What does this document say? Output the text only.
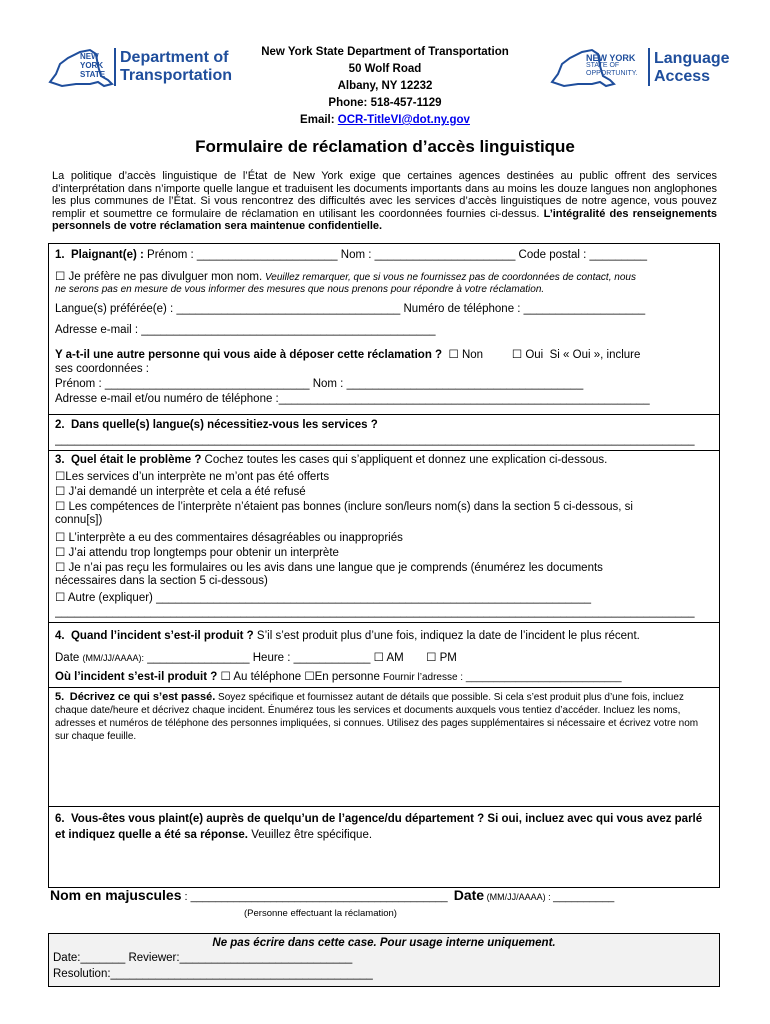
NEW
YORK
STATE
Department of
Transportation
New York State Department of Transportation
50 Wolf Road
Albany, NY 12232
Phone: 518-457-1129
Email: OCR-TitleVI@dot.ny.gov
NEW YORK
STATE OF
OPPORTUNITY.
Language
Access
Formulaire de réclamation d’accès linguistique
La politique d’accès linguistique de l’État de New York exige que certaines agences destinées au public offrent des services d’interprétation dans n’importe quelle langue et traduisent les documents importants dans au moins les douze langues non anglophones les plus communes de l’État. Si vous rencontrez des difficultés avec les services d’accès linguistiques de notre agence, vous pouvez remplir et soumettre ce formulaire de réclamation en utilisant les coordonnées fournies ci-dessus. L’intégralité des renseignements personnels de votre réclamation sera maintenue confidentielle.
1. Plaignant(e) : Prénom : ______________________ Nom : ______________________ Code postal : _________
☐ Je préfère ne pas divulguer mon nom. Veuillez remarquer, que si vous ne fournissez pas de coordonnées de contact, nous
ne serons pas en mesure de vous informer des mesures que nous prenons pour répondre à votre réclamation.
Langue(s) préférée(e) : ___________________________________ Numéro de téléphone : ___________________
Adresse e-mail : ______________________________________________
Y a-t-il une autre personne qui vous aide à déposer cette réclamation ? ☐ Non	☐ Oui Si « Oui », inclure
ses coordonnées :
Prénom : ________________________________ Nom : _____________________________________
Adresse e-mail et/ou numéro de téléphone :__________________________________________________________
2. Dans quelle(s) langue(s) nécessitiez-vous les services ?
____________________________________________________________________________________________________
3. Quel était le problème ? Cochez toutes les cases qui s’appliquent et donnez une explication ci-dessous.
☐Les services d’un interprète ne m’ont pas été offerts
☐ J’ai demandé un interprète et cela a été refusé
☐ Les compétences de l’interprète n’étaient pas bonnes (inclure son/leurs nom(s) dans la section 5 ci-dessous, si
connu[s])
☐ L’interprète a eu des commentaires désagréables ou inappropriés
☐ J’ai attendu trop longtemps pour obtenir un interprète
☐ Je n’ai pas reçu les formulaires ou les avis dans une langue que je comprends (énumérez les documents
nécessaires dans la section 5 ci-dessous)
☐ Autre (expliquer) ____________________________________________________________________
____________________________________________________________________________________________________
4. Quand l’incident s’est-il produit ? S’il s’est produit plus d’une fois, indiquez la date de l’incident le plus récent.
Date (MM/JJ/AAAA): ________________ Heure : ____________ ☐ AM ☐ PM
Où l’incident s’est-il produit ? ☐ Au téléphone ☐En personne Fournir l’adresse : ____________________________
5. Décrivez ce qui s’est passé. Soyez spécifique et fournissez autant de détails que possible. Si cela s’est produit plus d’une fois, incluez chaque date/heure et décrivez chaque incident. Énumérez tous les services et documents auxquels vous tentiez d’accéder. Incluez les noms, adresses et numéros de téléphone des personnes impliquées, si connues. Utilisez des pages supplémentaires si nécessaire et écrivez votre nom sur chaque feuille.
6. Vous-êtes vous plaint(e) auprès de quelqu’un de l’agence/du département ? Si oui, incluez avec qui vous avez parlé et indiquez quelle a été sa réponse. Veuillez être spécifique.
Nom en majuscules : __________________________________________ Date (MM/JJ/AAAA) : __________
(Personne effectuant la réclamation)
Ne pas écrire dans cette case. Pour usage interne uniquement.
Date:_______ Reviewer:___________________________
Resolution:_________________________________________
